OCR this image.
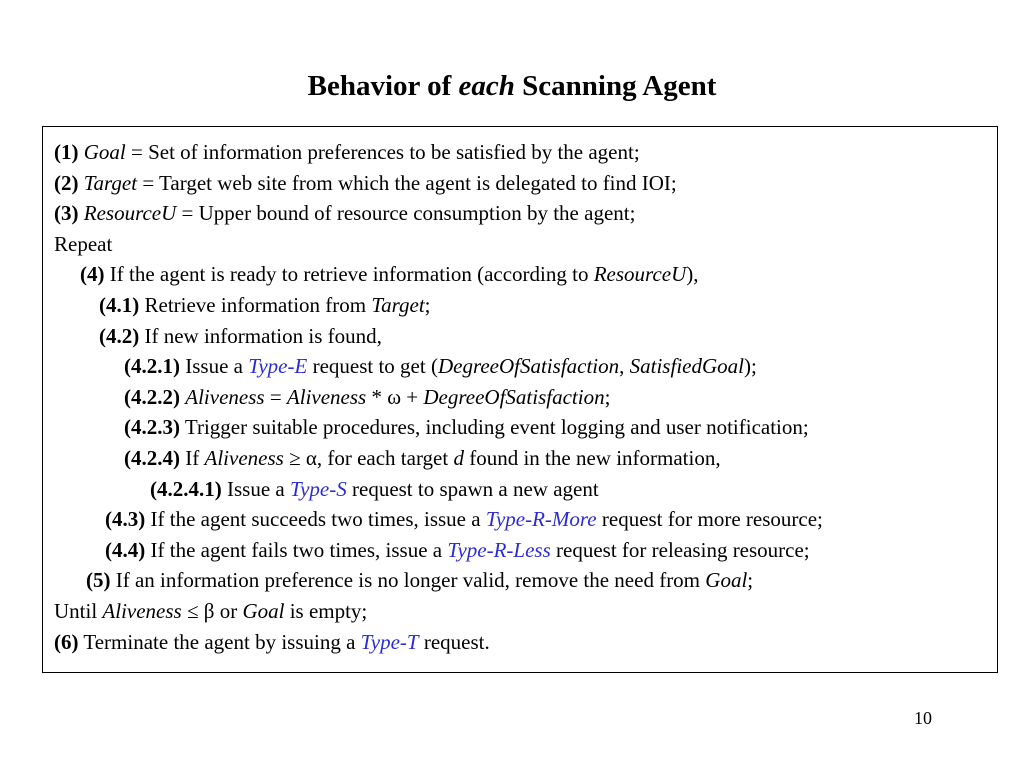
Behavior of each Scanning Agent
(1) Goal = Set of information preferences to be satisfied by the agent;
(2) Target = Target web site from which the agent is delegated to find IOI;
(3) ResourceU = Upper bound of resource consumption by the agent;
Repeat
(4) If the agent is ready to retrieve information (according to ResourceU),
(4.1) Retrieve information from Target;
(4.2) If new information is found,
(4.2.1) Issue a Type-E request to get (DegreeOfSatisfaction, SatisfiedGoal);
(4.2.2) Aliveness = Aliveness * ω + DegreeOfSatisfaction;
(4.2.3) Trigger suitable procedures, including event logging and user notification;
(4.2.4) If Aliveness ≥ α, for each target d found in the new information,
(4.2.4.1) Issue a Type-S request to spawn a new agent
(4.3) If the agent succeeds two times, issue a Type-R-More request for more resource;
(4.4) If the agent fails two times, issue a Type-R-Less request for releasing resource;
(5) If an information preference is no longer valid, remove the need from Goal;
Until Aliveness ≤ β or Goal is empty;
(6) Terminate the agent by issuing a Type-T request.
10
